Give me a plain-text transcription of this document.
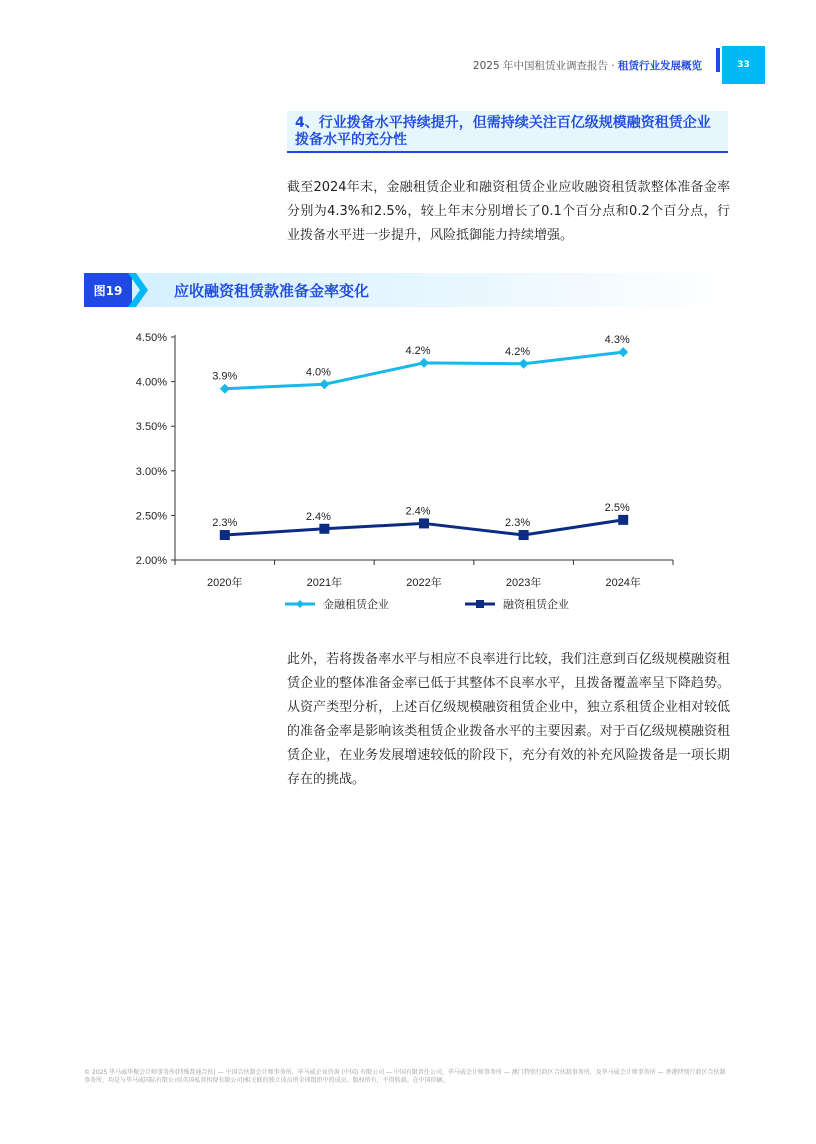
2025 年中国租赁业调查报告 · 租赁行业发展概览	33
4、行业拨备水平持续提升，但需持续关注百亿级规模融资租赁企业拨备水平的充分性

截至2024年末，金融租赁企业和融资租赁企业应收融资租赁款整体准备金率分别为4.3%和2.5%，较上年末分别增长了0.1个百分点和0.2个百分点，行业拨备水平进一步提升，风险抵御能力持续增强。

图19	应收融资租赁款准备金率变化
2.00%
2.50%
3.00%
3.50%
4.00%
4.50%
2020年	2021年	2022年	2023年	2024年
3.9%	4.0%
4.2%	4.2%
4.3%
2.3%
2.4%	2.4%
2.3%
2.5%
金融租赁企业	融资租赁企业

此外，若将拨备率水平与相应不良率进行比较，我们注意到百亿级规模融资租赁企业的整体准备金率已低于其整体不良率水平，且拨备覆盖率呈下降趋势。从资产类型分析，上述百亿级规模融资租赁企业中，独立系租赁企业相对较低的准备金率是影响该类租赁企业拨备水平的主要因素。对于百亿级规模融资租赁企业，在业务发展增速较低的阶段下，充分有效的补充风险拨备是一项长期存在的挑战。

© 2025 毕马威华振会计师事务所(特殊普通合伙) — 中国合伙制会计师事务所，毕马威企业咨询 (中国) 有限公司 — 中国有限责任公司，毕马威会计师事务所 — 澳门特别行政区合伙制事务所，及毕马威会计师事务所 — 香港特别行政区合伙制事务所，均是与毕马威国际有限公司(英国私营担保有限公司)相关联的独立成员所全球组织中的成员。版权所有，不得转载。在中国印刷。
